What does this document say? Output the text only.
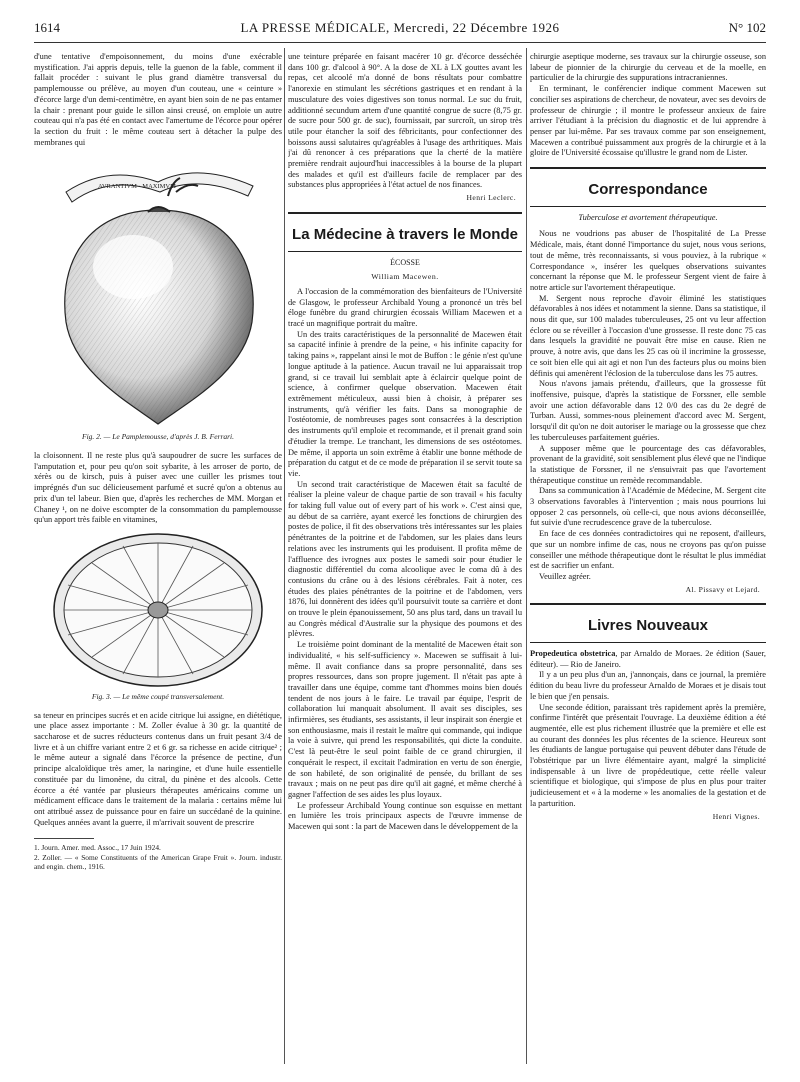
1614	LA PRESSE MÉDICALE, Mercredi, 22 Décembre 1926	N° 102

d'une tentative d'empoisonnement, du moins d'une exécrable mystification. J'ai appris depuis, telle la guenon de la fable, comment il fallait procéder : suivant le plus grand diamètre transversal du pamplemousse ou prélève, au moyen d'un couteau, une « ceinture » d'écorce large d'un demi-centimètre, en ayant bien soin de ne pas entamer la chair : prenant pour guide le sillon ainsi creusé, on emploie un autre couteau qui n'a pas été en contact avec l'amertume de l'écorce pour opérer la section du fruit : le même couteau sert à détacher la pulpe des membranes qui

AVRANTIVM · MAXIMVM
Fig. 2. — Le Pamplemousse, d'après J. B. Ferrari.

la cloisonnent. Il ne reste plus qu'à saupoudrer de sucre les surfaces de l'amputation et, pour peu qu'on soit sybarite, à les arroser de porto, de xérès ou de kirsch, puis à puiser avec une cuiller les prismes tout imprégnés d'un suc délicieusement parfumé et sucré qu'on a obtenus au prix d'un tel labeur. Bien que, d'après les recherches de MM. Morgan et Chaney ¹, on ne doive escompter de la consommation du pamplemousse qu'un apport très faible en vitamines,

Fig. 3. — Le même coupé transversalement.

sa teneur en principes sucrés et en acide citrique lui assigne, en diététique, une place assez importante : M. Zoller évalue à 30 gr. la quantité de saccharose et de sucres réducteurs contenus dans un fruit pesant 3/4 de livre et à un chiffre variant entre 2 et 6 gr. sa richesse en acide citrique² ; le même auteur a signalé dans l'écorce la présence de pectine, d'un principe alcaloïdique très amer, la naringine, et d'une huile essentielle constituée par du limonène, du citral, du pinène et des alcools. Cette écorce a été vantée par plusieurs thérapeutes américains comme un médicament efficace dans le traitement de la malaria : certains même lui ont attribué assez de puissance pour en faire un succédané de la quinine. Quelques années avant la guerre, il m'arrivait souvent de prescrire

1. Journ. Amer. med. Assoc., 17 Juin 1924.
2. Zoller. — « Some Constituents of the American Grape Fruit ». Journ. industr. and engin. chem., 1916.

une teinture préparée en faisant macérer 10 gr. d'écorce desséchée dans 100 gr. d'alcool à 90°. A la dose de XL à LX gouttes avant les repas, cet alcoolé m'a donné de bons résultats pour combattre l'anorexie en stimulant les sécrétions gastriques et en rendant à la musculature des voies digestives son tonus normal. Le suc du fruit, additionné secundum artem d'une quantité congrue de sucre (8,75 gr. de sucre pour 500 gr. de suc), fournissait, par surcroît, un sirop très utile pour étancher la soif des fébricitants, pour confectionner des boissons aussi salutaires qu'agréables à l'usage des arthritiques. Mais j'ai dû renoncer à ces préparations que la cherté de la matière première rendrait aujourd'hui inaccessibles à la bourse de la plupart des malades et qu'il est d'ailleurs facile de remplacer par des substances plus appropriées à l'état actuel de nos finances.

Henri Leclerc.
La Médecine à travers le Monde
ÉCOSSE
William Macewen.

A l'occasion de la commémoration des bienfaiteurs de l'Université de Glasgow, le professeur Archibald Young a prononcé un très bel éloge funèbre du grand chirurgien écossais William Macewen et a tracé un magnifique portrait du maître.

Un des traits caractéristiques de la personnalité de Macewen était sa capacité infinie à prendre de la peine, « his infinite capacity for taking pains », rappelant ainsi le mot de Buffon : le génie n'est qu'une longue aptitude à la patience. Aucun travail ne lui apparaissait trop grand, si ce travail lui semblait apte à éclaircir quelque point de science, à confirmer quelque observation. Macewen était extrêmement méticuleux, aussi bien à choisir, à préparer ses instruments, qu'à vérifier les faits. Dans sa monographie de l'ostéotomie, de nombreuses pages sont consacrées à la description des instruments qu'il emploie et recommande, et il prenait grand soin d'étudier la trempe. Le tranchant, les dimensions de ses ostéotomes. De même, il apporta un soin extrême à établir une bonne méthode de préparation du catgut et de ce mode de préparation il se servit toute sa vie.

Un second trait caractéristique de Macewen était sa faculté de réaliser la pleine valeur de chaque partie de son travail « his faculty for taking full value out of every part of his work ». C'est ainsi que, au début de sa carrière, ayant exercé les fonctions de chirurgien des postes de police, il fit des observations très intéressantes sur les plaies pénétrantes de la poitrine et de l'abdomen, sur les plaies dans leurs relations avec les instruments qui les produisent. Il profita même de l'affluence des ivrognes aux postes le samedi soir pour étudier le diagnostic différentiel du coma alcoolique avec le coma dû à des contusions du crâne ou à des lésions cérébrales. Fait à noter, ces études des plaies pénétrantes de la poitrine et de l'abdomen, vers 1876, lui donnèrent des idées qu'il poursuivit toute sa carrière et dont on trouve le plein épanouissement, 50 ans plus tard, dans un travail lu au Congrès médical d'Australie sur la physique des poumons et des plèvres.

Le troisième point dominant de la mentalité de Macewen était son individualité, « his self-sufficiency ». Macewen se suffisait à lui-même. Il avait confiance dans sa propre personnalité, dans ses propres ressources, dans son propre jugement. Il n'était pas apte à travailler dans une équipe, comme tant d'hommes moins bien doués tendent de nos jours à le faire. Le travail par équipe, l'esprit de collaboration lui manquait absolument. Il avait ses disciples, ses infirmières, ses étudiants, ses assistants, il leur inspirait son énergie et son enthousiasme, mais il restait le maître qui commande, qui indique la voie à suivre, qui prend les responsabilités, qui dicte la conduite. C'est là peut-être le seul point faible de ce grand chirurgien, il conquérait le respect, il excitait l'admiration en vertu de son énergie, de son habileté, de son originalité de pensée, du brillant de ses travaux ; mais on ne peut pas dire qu'il ait gagné, et même cherché à gagner l'affection de ses aides les plus loyaux.

Le professeur Archibald Young continue son esquisse en mettant en lumière les trois principaux aspects de l'œuvre immense de Macewen qui sont : la part de Macewen dans le développement de la

chirurgie aseptique moderne, ses travaux sur la chirurgie osseuse, son labeur de pionnier de la chirurgie du cerveau et de la moelle, en particulier de la chirurgie des suppurations intracraniennes.

En terminant, le conférencier indique comment Macewen sut concilier ses aspirations de chercheur, de novateur, avec ses devoirs de professeur de chirurgie ; il montre le professeur anxieux de faire arriver l'étudiant à la précision du diagnostic et de lui apprendre à penser par lui-même. Par ses travaux comme par son enseignement, Macewen a contribué puissamment aux progrès de la chirurgie et à la gloire de l'Université écossaise qu'illustre le grand nom de Lister.

Correspondance
Tuberculose et avortement thérapeutique.

Nous ne voudrions pas abuser de l'hospitalité de La Presse Médicale, mais, étant donné l'importance du sujet, nous vous serions, tout de même, très reconnaissants, si vous pouviez, à la rubrique « Correspondance », insérer les quelques observations suivantes concernant la réponse que M. le professeur Sergent vient de faire à notre article sur l'avortement thérapeutique.

M. Sergent nous reproche d'avoir éliminé les statistiques défavorables à nos idées et notamment la sienne. Dans sa statistique, il nous dit que, sur 100 malades tuberculeuses, 25 ont vu leur affection éclore ou se réveiller à l'occasion d'une grossesse. Il reste donc 75 cas dans lesquels la gravidité ne pouvait être mise en cause. Rien ne prouve, à notre avis, que dans les 25 cas où il incrimine la grossesse, ce soit bien elle qui ait agi et non l'un des facteurs plus ou moins bien définis qui amenèrent l'éclosion de la tuberculose dans les 75 autres.

Nous n'avons jamais prétendu, d'ailleurs, que la grossesse fût inoffensive, puisque, d'après la statistique de Forssner, elle semble avoir une action défavorable dans 12 0/0 des cas du 2e degré de Turban. Aussi, sommes-nous pleinement d'accord avec M. Sergent, lorsqu'il dit qu'on ne doit autoriser le mariage ou la grossesse que chez les tuberculeuses parfaitement guéries.

A supposer même que le pourcentage des cas défavorables, provenant de la gravidité, soit sensiblement plus élevé que ne l'indique la statistique de Forssner, il ne s'ensuivrait pas que l'avortement thérapeutique constitue un remède recommandable.

Dans sa communication à l'Académie de Médecine, M. Sergent cite 3 observations favorables à l'intervention ; mais nous pourrions lui opposer 2 cas personnels, où celle-ci, que nous avions déconseillée, fut suivie d'une recrudescence grave de la tuberculose.

En face de ces données contradictoires qui ne reposent, d'ailleurs, que sur un nombre infime de cas, nous ne croyons pas qu'on puisse conseiller une méthode thérapeutique dont le résultat le plus immédiat est de sacrifier un enfant.

Veuillez agréer.

Al. Pissavy et Lejard.
Livres Nouveaux

Propedeutica obstetrica, par Arnaldo de Moraes. 2e édition (Sauer, éditeur). — Rio de Janeiro.

Il y a un peu plus d'un an, j'annonçais, dans ce journal, la première édition du beau livre du professeur Arnaldo de Moraes et je disais tout le bien que j'en pensais.

Une seconde édition, paraissant très rapidement après la première, confirme l'intérêt que présentait l'ouvrage. La deuxième édition a été augmentée, elle est plus richement illustrée que la première et elle est au courant des données les plus récentes de la science. Heureux sont les étudiants de langue portugaise qui peuvent débuter dans l'étude de l'obstétrique par un livre élémentaire ayant, malgré la simplicité indispensable à un livre de propédeutique, cette réelle valeur scientifique et biologique, qui s'impose de plus en plus pour traiter judicieusement et « à la moderne » les anomalies de la gestation et de la parturition.

Henri Vignes.
